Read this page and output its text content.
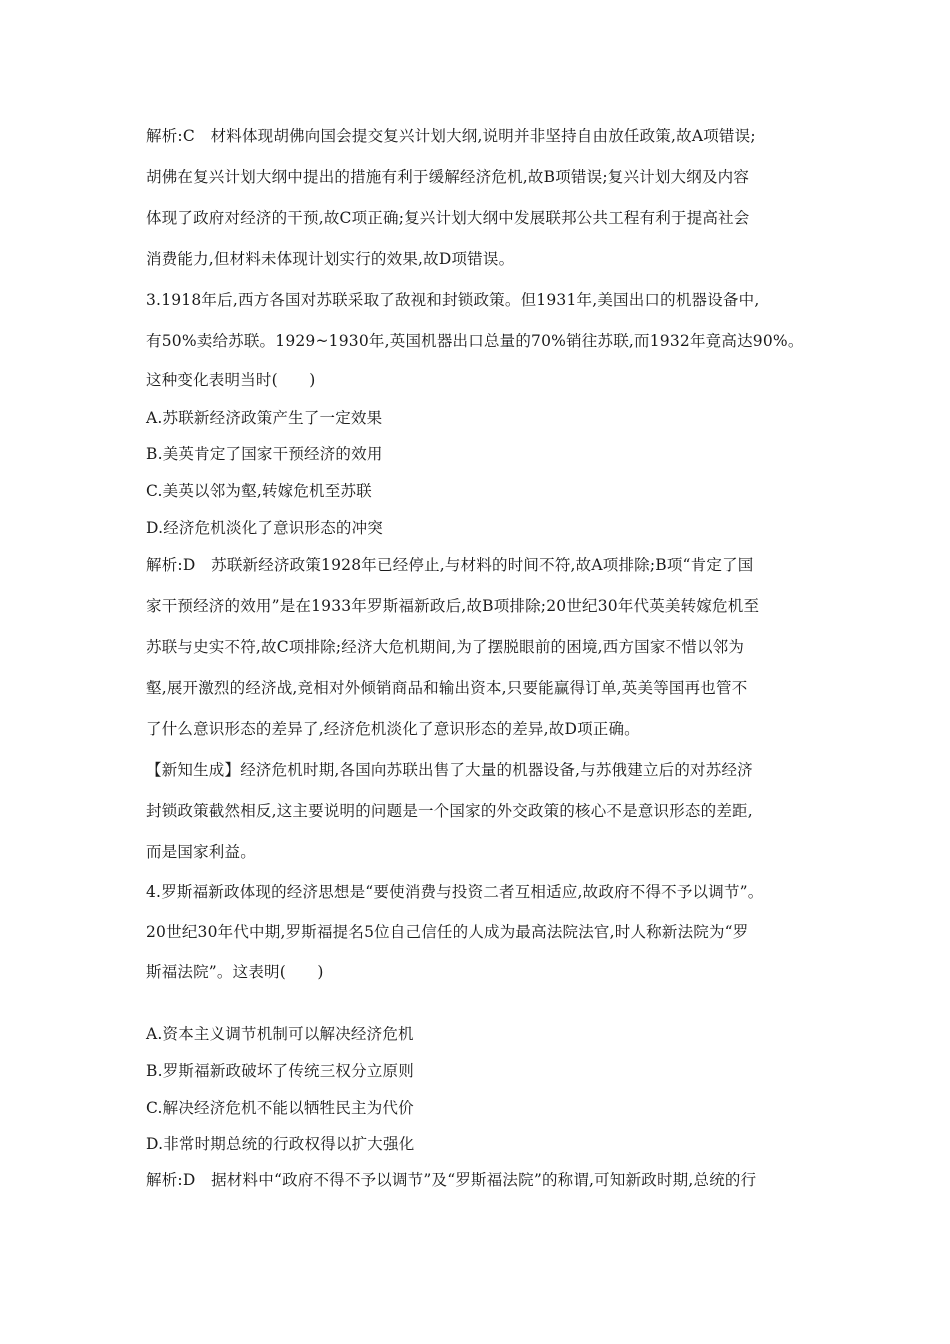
解析:C　材料体现胡佛向国会提交复兴计划大纲,说明并非坚持自由放任政策,故A项错误;
胡佛在复兴计划大纲中提出的措施有利于缓解经济危机,故B项错误;复兴计划大纲及内容
体现了政府对经济的干预,故C项正确;复兴计划大纲中发展联邦公共工程有利于提高社会
消费能力,但材料未体现计划实行的效果,故D项错误。
3.1918年后,西方各国对苏联采取了敌视和封锁政策。但1931年,美国出口的机器设备中,
有50%卖给苏联。1929~1930年,英国机器出口总量的70%销往苏联,而1932年竟高达90%。
这种变化表明当时(　　)
A.苏联新经济政策产生了一定效果
B.美英肯定了国家干预经济的效用
C.美英以邻为壑,转嫁危机至苏联
D.经济危机淡化了意识形态的冲突
解析:D　苏联新经济政策1928年已经停止,与材料的时间不符,故A项排除;B项“肯定了国
家干预经济的效用”是在1933年罗斯福新政后,故B项排除;20世纪30年代英美转嫁危机至
苏联与史实不符,故C项排除;经济大危机期间,为了摆脱眼前的困境,西方国家不惜以邻为
壑,展开激烈的经济战,竞相对外倾销商品和输出资本,只要能赢得订单,英美等国再也管不
了什么意识形态的差异了,经济危机淡化了意识形态的差异,故D项正确。
【新知生成】经济危机时期,各国向苏联出售了大量的机器设备,与苏俄建立后的对苏经济
封锁政策截然相反,这主要说明的问题是一个国家的外交政策的核心不是意识形态的差距,
而是国家利益。
4.罗斯福新政体现的经济思想是“要使消费与投资二者互相适应,故政府不得不予以调节”。
20世纪30年代中期,罗斯福提名5位自己信任的人成为最高法院法官,时人称新法院为“罗
斯福法院”。这表明(　　)
A.资本主义调节机制可以解决经济危机
B.罗斯福新政破坏了传统三权分立原则
C.解决经济危机不能以牺牲民主为代价
D.非常时期总统的行政权得以扩大强化
解析:D　据材料中“政府不得不予以调节”及“罗斯福法院”的称谓,可知新政时期,总统的行
